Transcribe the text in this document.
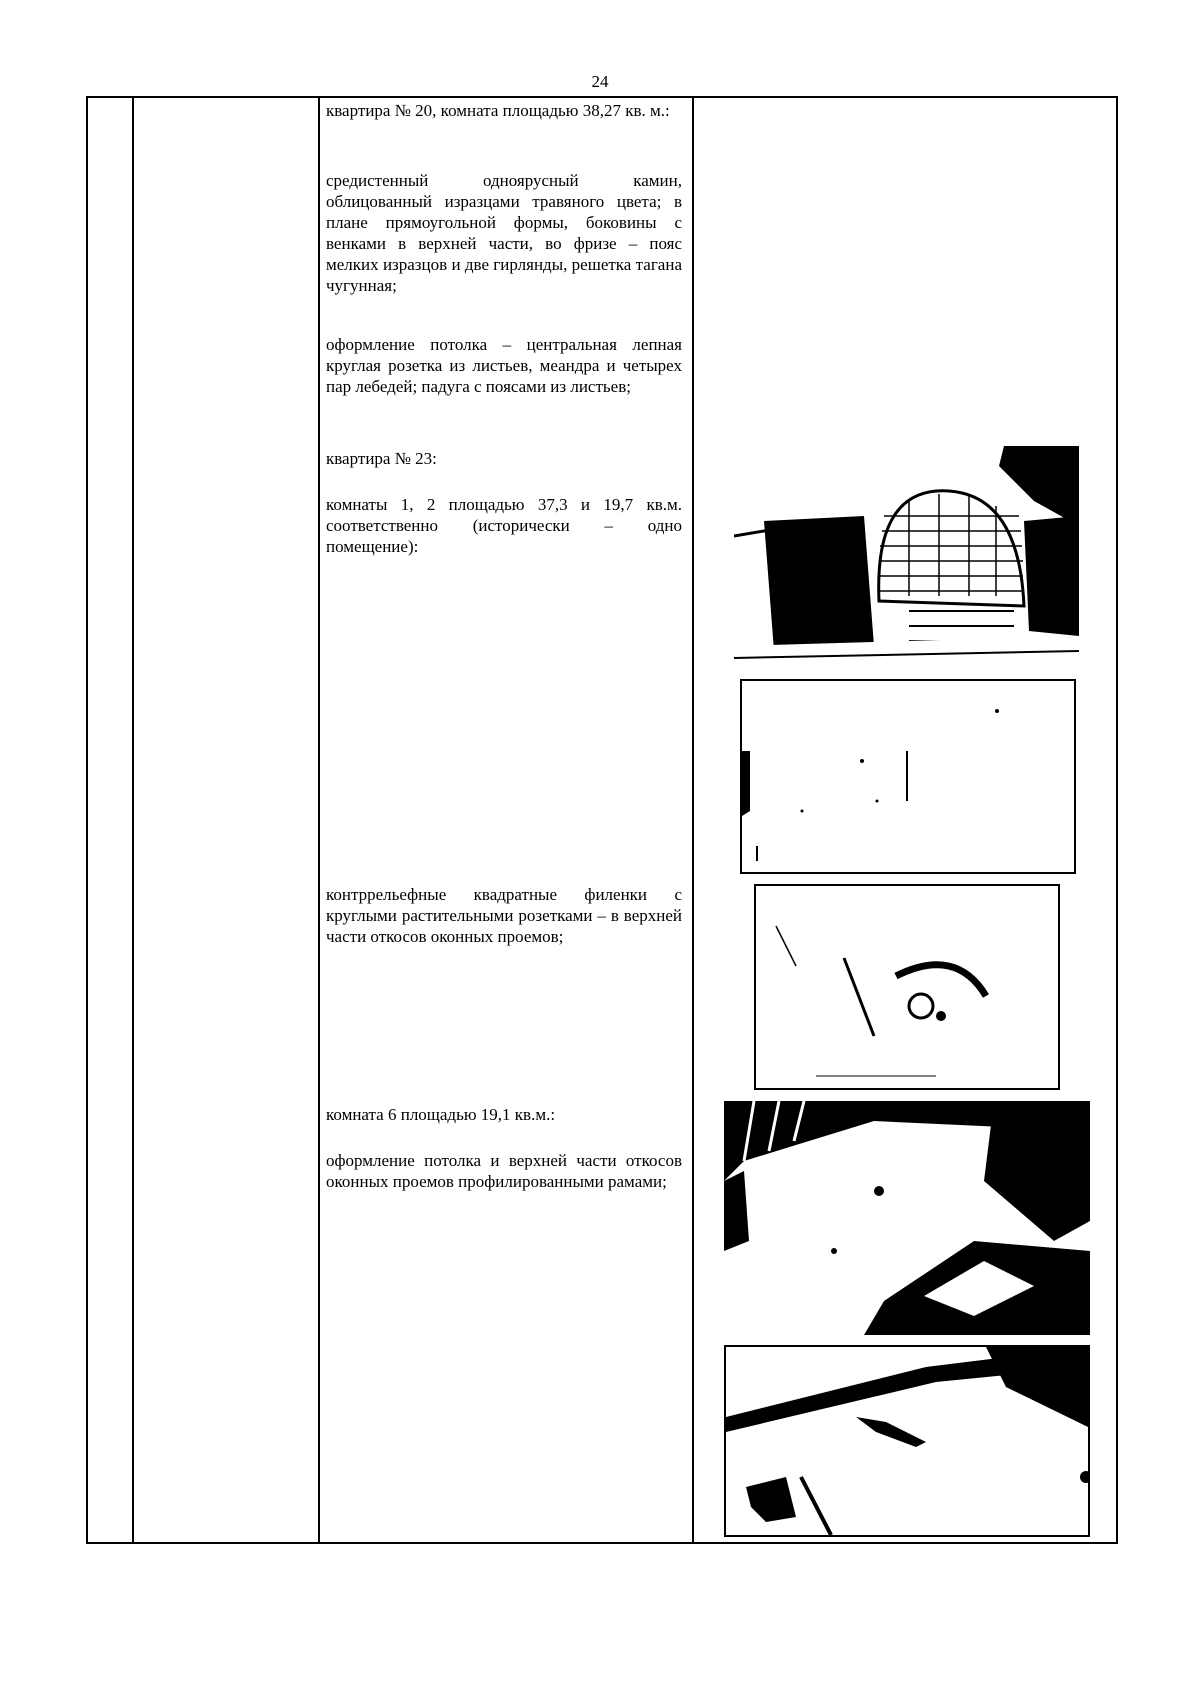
24

квартира № 20, комната площадью 38,27 кв. м.:

средистенный одноярусный камин, облицованный изразцами травяного цвета; в плане прямоугольной формы, боковины с венками в верхней части, во фризе – пояс мелких изразцов и две гирлянды, решетка тагана чугунная;

оформление потолка – центральная лепная круглая розетка из листьев, меандра и четырех пар лебедей; падуга с поясами из листьев;

квартира № 23:

комнаты 1, 2 площадью 37,3 и 19,7 кв.м. соответственно (исторически – одно помещение):

контррельефные квадратные филенки с круглыми растительными розетками – в верхней части откосов оконных проемов;

комната 6 площадью 19,1 кв.м.:

оформление потолка и верхней части откосов оконных проемов профилированными рамами;
